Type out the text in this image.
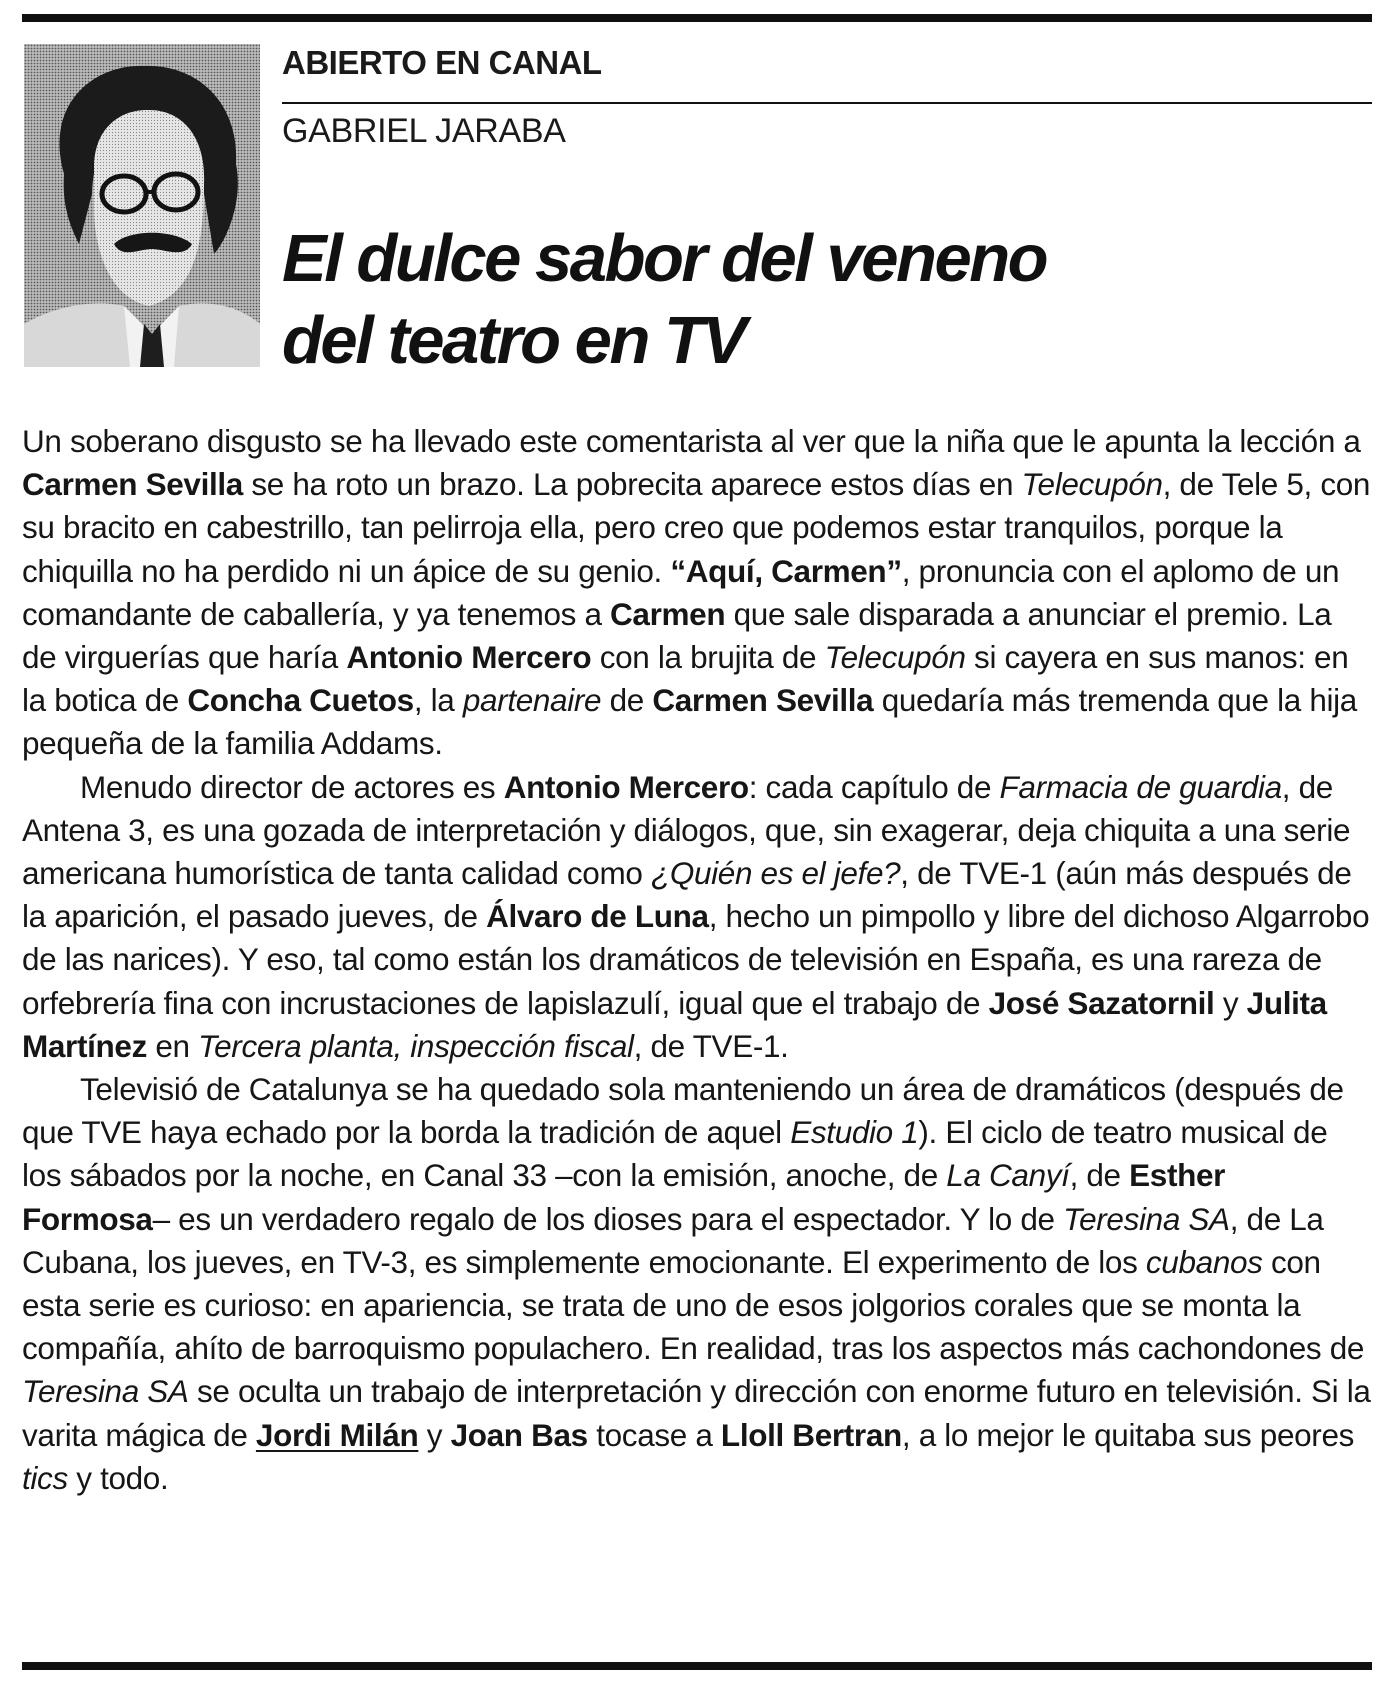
ABIERTO EN CANAL
GABRIEL JARABA
El dulce sabor del veneno
del teatro en TV

Un soberano disgusto se ha llevado este comentarista al ver que la niña que le apunta la lección a Carmen Sevilla se ha roto un brazo. La pobrecita aparece estos días en Telecupón, de Tele 5, con su bracito en cabestrillo, tan pelirroja ella, pero creo que podemos estar tranquilos, porque la chiquilla no ha perdido ni un ápice de su genio. “Aquí, Carmen”, pronuncia con el aplomo de un comandante de caballería, y ya tenemos a Carmen que sale disparada a anunciar el premio. La de virguerías que haría Antonio Mercero con la brujita de Telecupón si cayera en sus manos: en la botica de Concha Cuetos, la partenaire de Carmen Sevilla quedaría más tremenda que la hija pequeña de la familia Addams.

Menudo director de actores es Antonio Mercero: cada capítulo de Farmacia de guardia, de Antena 3, es una gozada de interpretación y diálogos, que, sin exagerar, deja chiquita a una serie americana humorística de tanta calidad como ¿Quién es el jefe?, de TVE-1 (aún más después de la aparición, el pasado jueves, de Álvaro de Luna, hecho un pimpollo y libre del dichoso Algarrobo de las narices). Y eso, tal como están los dramáticos de televisión en España, es una rareza de orfebrería fina con incrustaciones de lapislazulí, igual que el trabajo de José Sazatornil y Julita Martínez en Tercera planta, inspección fiscal, de TVE-1.

Televisió de Catalunya se ha quedado sola manteniendo un área de dramáticos (después de que TVE haya echado por la borda la tradición de aquel Estudio 1). El ciclo de teatro musical de los sábados por la noche, en Canal 33 –con la emisión, anoche, de La Canyí, de Esther Formosa– es un verdadero regalo de los dioses para el espectador. Y lo de Teresina SA, de La Cubana, los jueves, en TV-3, es simplemente emocionante. El experimento de los cubanos con esta serie es curioso: en apariencia, se trata de uno de esos jolgorios corales que se monta la compañía, ahíto de barroquismo populachero. En realidad, tras los aspectos más cachondones de Teresina SA se oculta un trabajo de interpretación y dirección con enorme futuro en televisión. Si la varita mágica de Jordi Milán y Joan Bas tocase a Lloll Bertran, a lo mejor le quitaba sus peores tics y todo.
